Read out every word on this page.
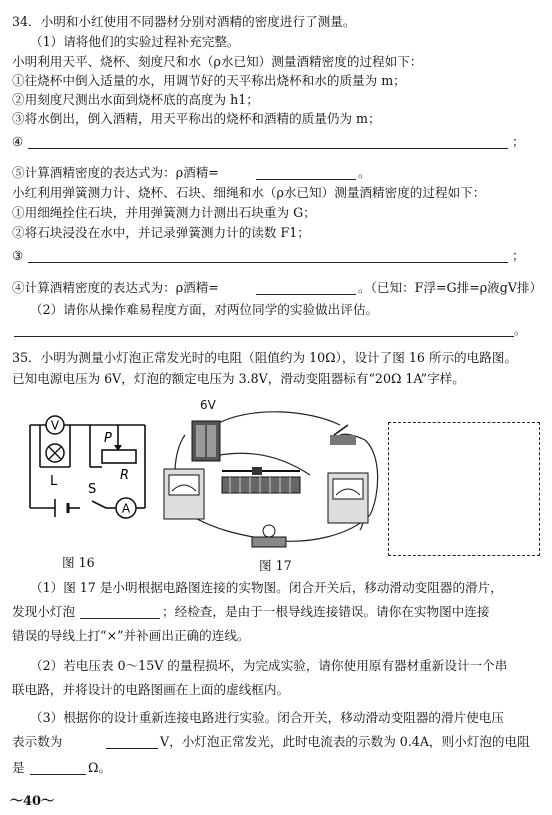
34．小明和小红使用不同器材分别对酒精的密度进行了测量。
（1）请将他们的实验过程补充完整。
小明利用天平、烧杯、刻度尺和水（ρ水已知）测量酒精密度的过程如下：
①往烧杯中倒入适量的水，用调节好的天平称出烧杯和水的质量为 m；
②用刻度尺测出水面到烧杯底的高度为 h1；
③将水倒出，倒入酒精，用天平称出的烧杯和酒精的质量仍为 m；
④	；
⑤计算酒精密度的表达式为：ρ酒精=	。
小红利用弹簧测力计、烧杯、石块、细绳和水（ρ水已知）测量酒精密度的过程如下：
①用细绳拴住石块，并用弹簧测力计测出石块重为 G；
②将石块浸没在水中，并记录弹簧测力计的读数 F1；
③	；
④计算酒精密度的表达式为：ρ酒精=	。（已知：F浮=G排=ρ液gV排）
（2）请你从操作难易程度方面，对两位同学的实验做出评估。
。
35．小明为测量小灯泡正常发光时的电阻（阻值约为 10Ω），设计了图 16 所示的电路图。
已知电源电压为 6V，灯泡的额定电压为 3.8V，滑动变阻器标有“20Ω 1A”字样。
V
L
P
R
S
A
图 16
6V
图 17
（1）图 17 是小明根据电路图连接的实物图。闭合开关后，移动滑动变阻器的滑片，
发现小灯泡	；经检查，是由于一根导线连接错误。请你在实物图中连接
错误的导线上打“×”并补画出正确的连线。
（2）若电压表 0～15V 的量程损坏，为完成实验，请你使用原有器材重新设计一个串
联电路，并将设计的电路图画在上面的虚线框内。
（3）根据你的设计重新连接电路进行实验。闭合开关，移动滑动变阻器的滑片使电压
表示数为	V，小灯泡正常发光，此时电流表的示数为 0.4A，则小灯泡的电阻
是	Ω。
～40～
